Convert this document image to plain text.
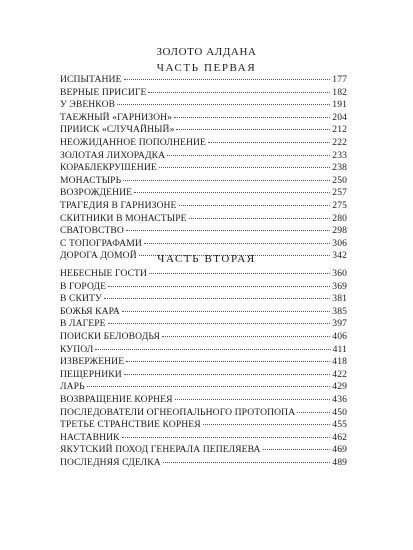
ЗОЛОТО АЛДАНА
ЧАСТЬ ПЕРВАЯ
ИСПЫТАНИЕ	177
ВЕРНЫЕ ПРИСИГЕ	182
У ЭВЕНКОВ	191
ТАЕЖНЫЙ «ГАРНИЗОН»	204
ПРИИСК «СЛУЧАЙНЫЙ»	212
НЕОЖИДАННОЕ ПОПОЛНЕНИЕ	222
ЗОЛОТАЯ ЛИХОРАДКА	233
КОРАБЛЕКРУШЕНИЕ	238
МОНАСТЫРЬ	250
ВОЗРОЖДЕНИЕ	257
ТРАГЕДИЯ В ГАРНИЗОНЕ	275
СКИТНИКИ В МОНАСТЫРЕ	280
СВАТОВСТВО	298
С ТОПОГРАФАМИ	306
ДОРОГА ДОМОЙ	342
ЧАСТЬ ВТОРАЯ
НЕБЕСНЫЕ ГОСТИ	360
В ГОРОДЕ	369
В СКИТУ	381
БОЖЬЯ КАРА	385
В ЛАГЕРЕ	397
ПОИСКИ БЕЛОВОДЬЯ	406
КУПОЛ	411
ИЗВЕРЖЕНИЕ	418
ПЕЩЕРНИКИ	422
ЛАРЬ	429
ВОЗВРАЩЕНИЕ КОРНЕЯ	436
ПОСЛЕДОВАТЕЛИ ОГНЕОПАЛЬНОГО ПРОТОПОПА	450
ТРЕТЬЕ СТРАНСТВИЕ КОРНЕЯ	455
НАСТАВНИК	462
ЯКУТСКИЙ ПОХОД ГЕНЕРАЛА ПЕПЕЛЯЕВА	469
ПОСЛЕДНЯЯ СДЕЛКА	489
